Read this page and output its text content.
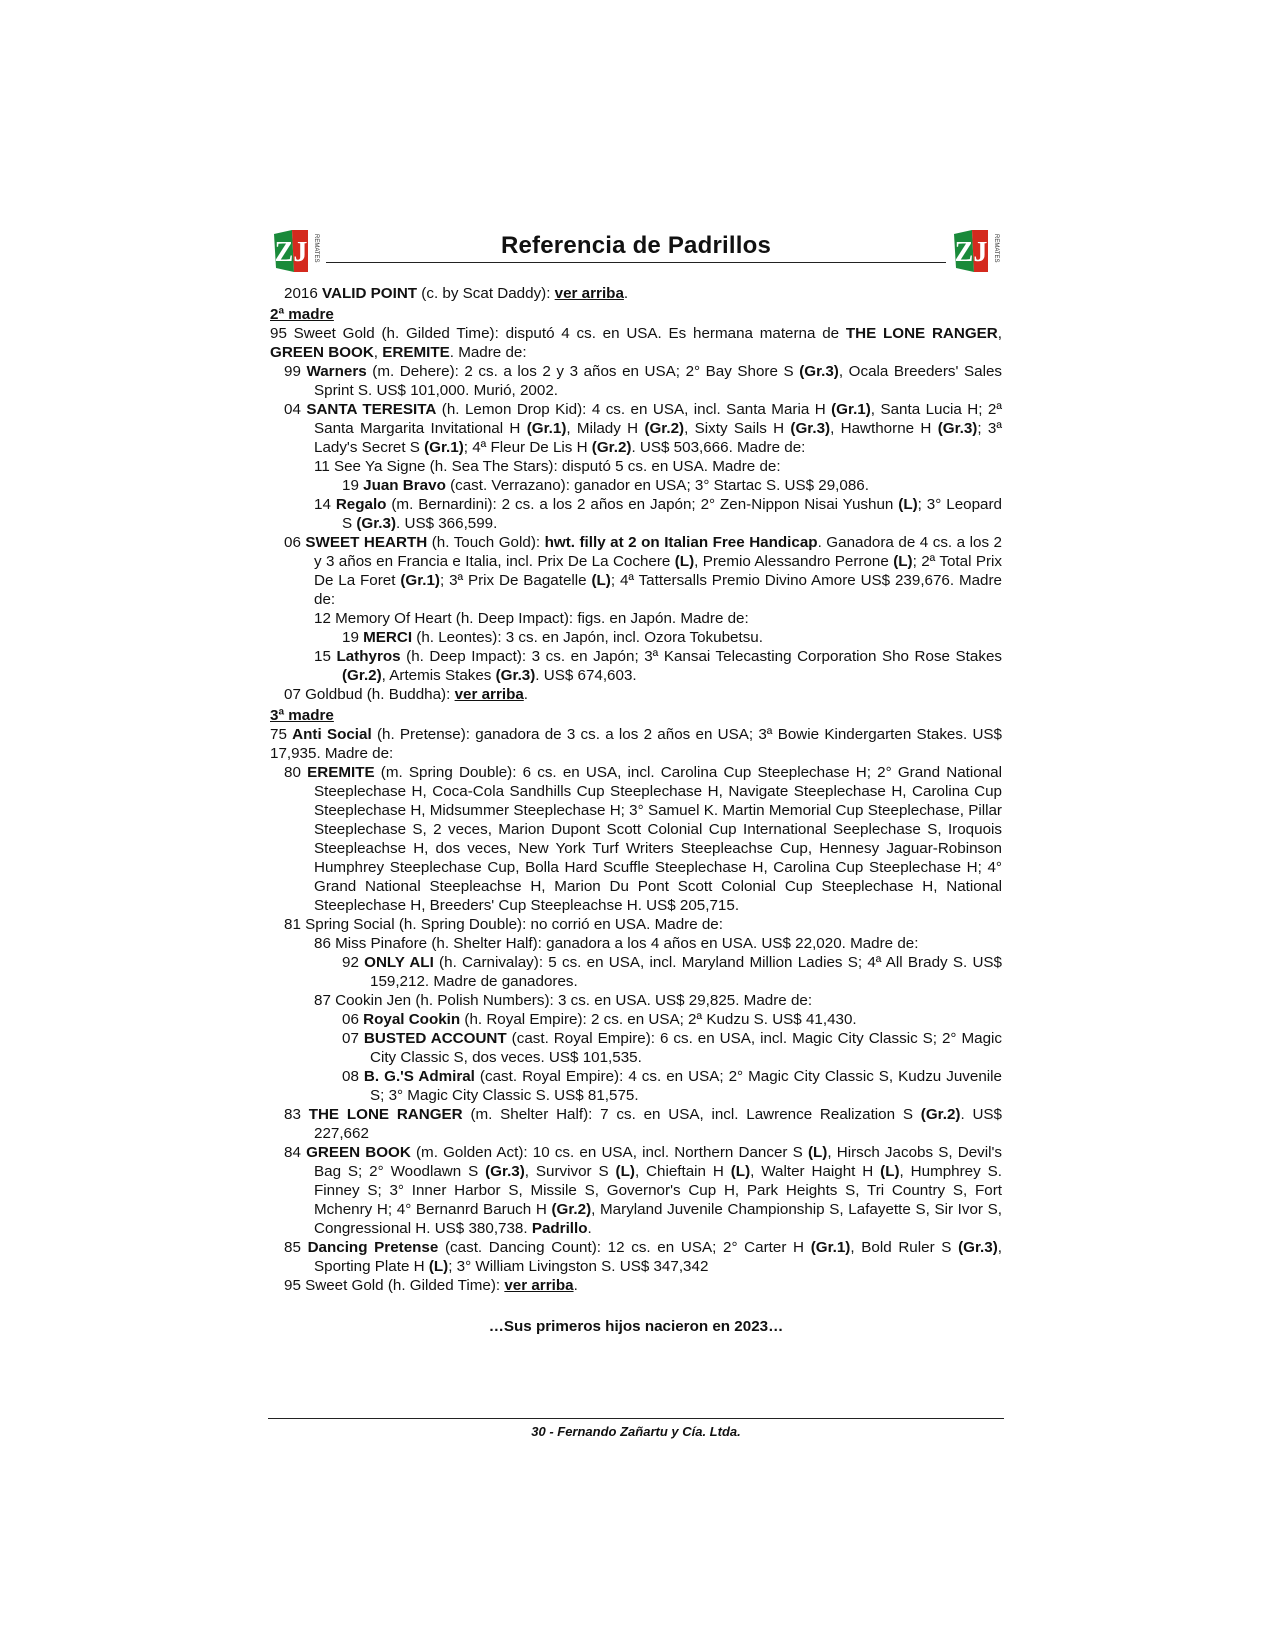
ZJ REMATES	Referencia de Padrillos	ZJ REMATES

2016 VALID POINT (c. by Scat Daddy): ver arriba.

2ª madre

95 Sweet Gold (h. Gilded Time): disputó 4 cs. en USA. Es hermana materna de THE LONE RANGER, GREEN BOOK, EREMITE. Madre de:

99 Warners (m. Dehere): 2 cs. a los 2 y 3 años en USA; 2° Bay Shore S (Gr.3), Ocala Breeders' Sales Sprint S. US$ 101,000. Murió, 2002.

04 SANTA TERESITA (h. Lemon Drop Kid): 4 cs. en USA, incl. Santa Maria H (Gr.1), Santa Lucia H; 2ª Santa Margarita Invitational H (Gr.1), Milady H (Gr.2), Sixty Sails H (Gr.3), Hawthorne H (Gr.3); 3ª Lady's Secret S (Gr.1); 4ª Fleur De Lis H (Gr.2). US$ 503,666. Madre de:

11 See Ya Signe (h. Sea The Stars): disputó 5 cs. en USA. Madre de:

19 Juan Bravo (cast. Verrazano): ganador en USA; 3° Startac S. US$ 29,086.

14 Regalo (m. Bernardini): 2 cs. a los 2 años en Japón; 2° Zen-Nippon Nisai Yushun (L); 3° Leopard S (Gr.3). US$ 366,599.

06 SWEET HEARTH (h. Touch Gold): hwt. filly at 2 on Italian Free Handicap. Ganadora de 4 cs. a los 2 y 3 años en Francia e Italia, incl. Prix De La Cochere (L), Premio Alessandro Perrone (L); 2ª Total Prix De La Foret (Gr.1); 3ª Prix De Bagatelle (L); 4ª Tattersalls Premio Divino Amore US$ 239,676. Madre de:

12 Memory Of Heart (h. Deep Impact): figs. en Japón. Madre de:

19 MERCI (h. Leontes): 3 cs. en Japón, incl. Ozora Tokubetsu.

15 Lathyros (h. Deep Impact): 3 cs. en Japón; 3ª Kansai Telecasting Corporation Sho Rose Stakes (Gr.2), Artemis Stakes (Gr.3). US$ 674,603.

07 Goldbud (h. Buddha): ver arriba.

3ª madre

75 Anti Social (h. Pretense): ganadora de 3 cs. a los 2 años en USA; 3ª Bowie Kindergarten Stakes. US$ 17,935. Madre de:

80 EREMITE (m. Spring Double): 6 cs. en USA, incl. Carolina Cup Steeplechase H; 2° Grand National Steeplechase H, Coca-Cola Sandhills Cup Steeplechase H, Navigate Steeplechase H, Carolina Cup Steeplechase H, Midsummer Steeplechase H; 3° Samuel K. Martin Memorial Cup Steeplechase, Pillar Steeplechase S, 2 veces, Marion Dupont Scott Colonial Cup International Seeplechase S, Iroquois Steepleachse H, dos veces, New York Turf Writers Steepleachse Cup, Hennesy Jaguar-Robinson Humphrey Steeplechase Cup, Bolla Hard Scuffle Steeplechase H, Carolina Cup Steeplechase H; 4° Grand National Steepleachse H, Marion Du Pont Scott Colonial Cup Steeplechase H, National Steeplechase H, Breeders' Cup Steepleachse H. US$ 205,715.

81 Spring Social (h. Spring Double): no corrió en USA. Madre de:

86 Miss Pinafore (h. Shelter Half): ganadora a los 4 años en USA. US$ 22,020. Madre de:

92 ONLY ALI (h. Carnivalay): 5 cs. en USA, incl. Maryland Million Ladies S; 4ª All Brady S. US$ 159,212. Madre de ganadores.

87 Cookin Jen (h. Polish Numbers): 3 cs. en USA. US$ 29,825. Madre de:

06 Royal Cookin (h. Royal Empire): 2 cs. en USA; 2ª Kudzu S. US$ 41,430.

07 BUSTED ACCOUNT (cast. Royal Empire): 6 cs. en USA, incl. Magic City Classic S; 2° Magic City Classic S, dos veces. US$ 101,535.

08 B. G.'S Admiral (cast. Royal Empire): 4 cs. en USA; 2° Magic City Classic S, Kudzu Juvenile S; 3° Magic City Classic S. US$ 81,575.

83 THE LONE RANGER (m. Shelter Half): 7 cs. en USA, incl. Lawrence Realization S (Gr.2). US$ 227,662

84 GREEN BOOK (m. Golden Act): 10 cs. en USA, incl. Northern Dancer S (L), Hirsch Jacobs S, Devil's Bag S; 2° Woodlawn S (Gr.3), Survivor S (L), Chieftain H (L), Walter Haight H (L), Humphrey S. Finney S; 3° Inner Harbor S, Missile S, Governor's Cup H, Park Heights S, Tri Country S, Fort Mchenry H; 4° Bernanrd Baruch H (Gr.2), Maryland Juvenile Championship S, Lafayette S, Sir Ivor S, Congressional H. US$ 380,738. Padrillo.

85 Dancing Pretense (cast. Dancing Count): 12 cs. en USA; 2° Carter H (Gr.1), Bold Ruler S (Gr.3), Sporting Plate H (L); 3° William Livingston S. US$ 347,342

95 Sweet Gold (h. Gilded Time): ver arriba.

…Sus primeros hijos nacieron en 2023…

30 - Fernando Zañartu y Cía. Ltda.
